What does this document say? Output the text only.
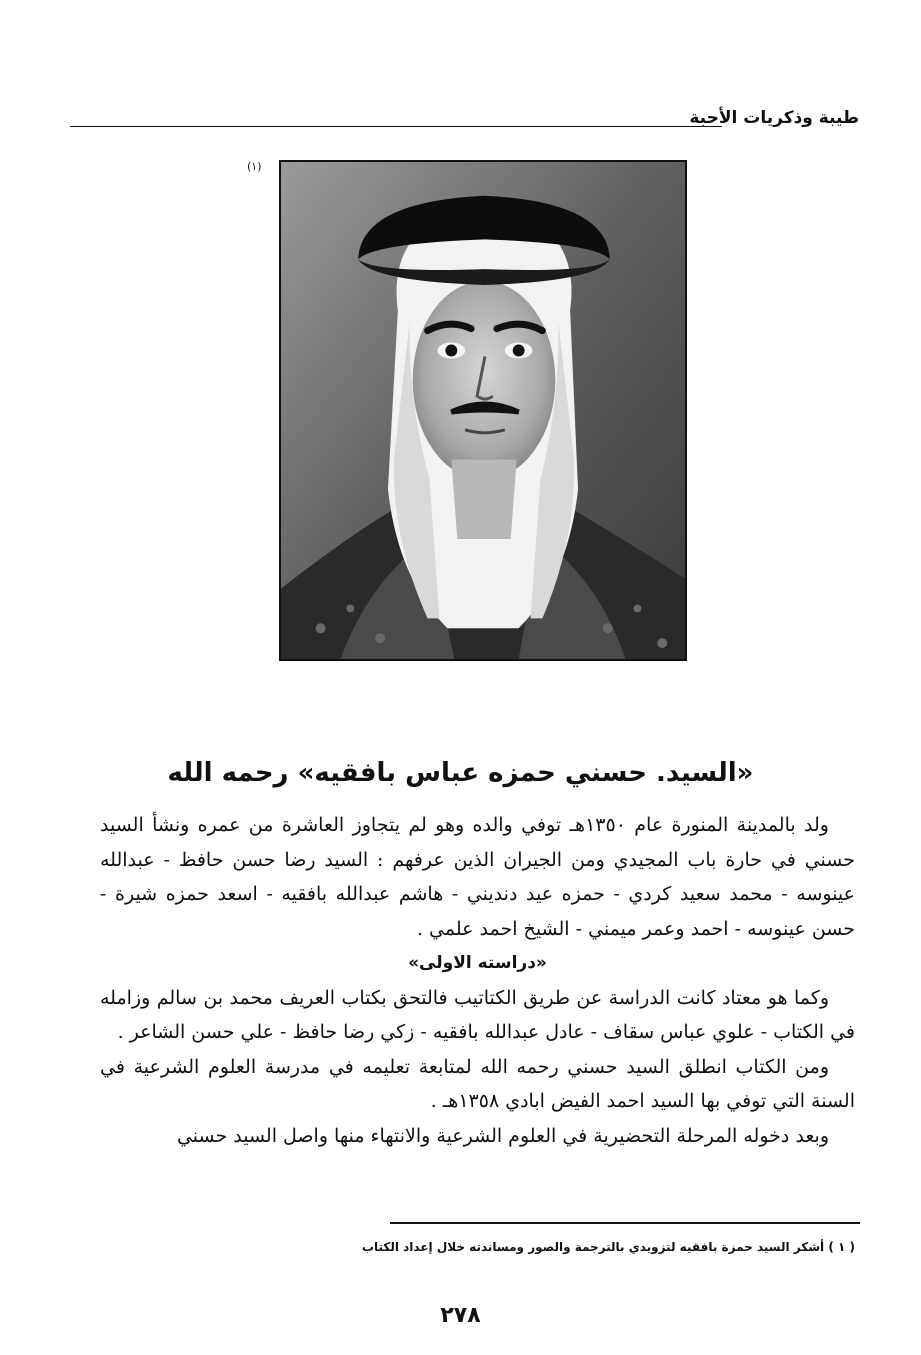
طيبة وذكريات الأحبة
(١)
«السيد. حسني حمزه عباس بافقيه» رحمه الله

ولد بالمدينة المنورة عام ١٣٥٠هـ توفي والده وهو لم يتجاوز العاشرة من عمره ونشأ السيد حسني في حارة باب المجيدي ومن الجيران الذين عرفهم : السيد رضا حسن حافظ - عبدالله عينوسه - محمد سعيد كردي - حمزه عيد دنديني - هاشم عبدالله بافقيه - اسعد حمزه شيرة - حسن عينوسه - احمد وعمر ميمني - الشيخ احمد علمي .

«دراسته الاولى»

وكما هو معتاد كانت الدراسة عن طريق الكتاتيب فالتحق بكتاب العريف محمد بن سالم وزامله في الكتاب - علوي عباس سقاف - عادل عبدالله بافقيه - زكي رضا حافظ - علي حسن الشاعر .

ومن الكتاب انطلق السيد حسني رحمه الله لمتابعة تعليمه في مدرسة العلوم الشرعية في السنة التي توفي بها السيد احمد الفيض ابادي ١٣٥٨هـ .

وبعد دخوله المرحلة التحضيرية في العلوم الشرعية والانتهاء منها واصل السيد حسني

( ١ ) أشكر السيد حمزة بافقيه لتزويدي بالترجمة والصور ومساندته خلال إعداد الكتاب
٢٧٨
